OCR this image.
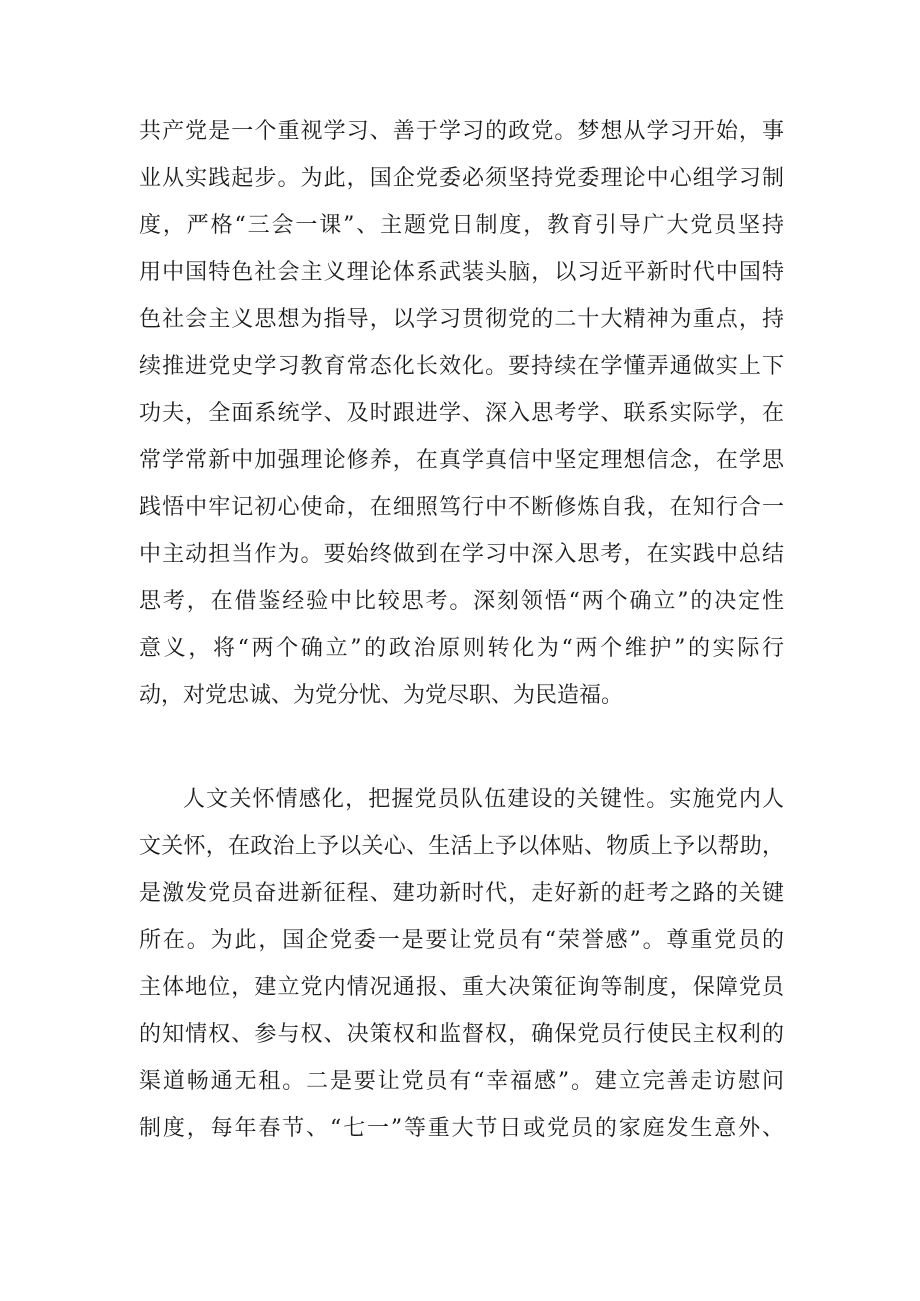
共产党是一个重视学习、善于学习的政党。梦想从学习开始，事
业从实践起步。为此，国企党委必须坚持党委理论中心组学习制
度，严格“三会一课”、主题党日制度，教育引导广大党员坚持
用中国特色社会主义理论体系武装头脑，以习近平新时代中国特
色社会主义思想为指导，以学习贯彻党的二十大精神为重点，持
续推进党史学习教育常态化长效化。要持续在学懂弄通做实上下
功夫，全面系统学、及时跟进学、深入思考学、联系实际学，在
常学常新中加强理论修养，在真学真信中坚定理想信念，在学思
践悟中牢记初心使命，在细照笃行中不断修炼自我，在知行合一
中主动担当作为。要始终做到在学习中深入思考，在实践中总结
思考，在借鉴经验中比较思考。深刻领悟“两个确立”的决定性
意义，将“两个确立”的政治原则转化为“两个维护”的实际行
动，对党忠诚、为党分忧、为党尽职、为民造福。
人文关怀情感化，把握党员队伍建设的关键性。实施党内人
文关怀，在政治上予以关心、生活上予以体贴、物质上予以帮助，
是激发党员奋进新征程、建功新时代，走好新的赶考之路的关键
所在。为此，国企党委一是要让党员有“荣誉感”。尊重党员的
主体地位，建立党内情况通报、重大决策征询等制度，保障党员
的知情权、参与权、决策权和监督权，确保党员行使民主权利的
渠道畅通无租。二是要让党员有“幸福感”。建立完善走访慰问
制度，每年春节、“七一”等重大节日或党员的家庭发生意外、
